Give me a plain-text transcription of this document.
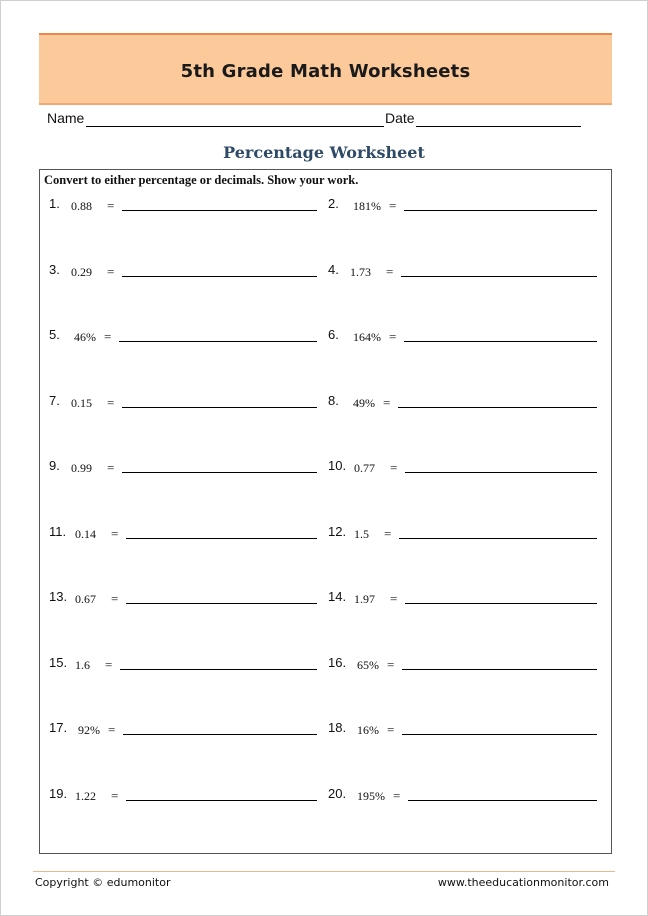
5th Grade Math Worksheets
Name	Date
Percentage Worksheet
Convert to either percentage or decimals. Show your work.
1. 0.88 =	2. 181% =
3. 0.29 =	4. 1.73 =
5. 46% =	6. 164% =
7. 0.15 =	8. 49% =
9. 0.99 =	10. 0.77 =
11. 0.14 =	12. 1.5 =
13. 0.67 =	14. 1.97 =
15. 1.6 =	16. 65% =
17. 92% =	18. 16% =
19. 1.22 =	20. 195% =
Copyright © edumonitor	www.theeducationmonitor.com
